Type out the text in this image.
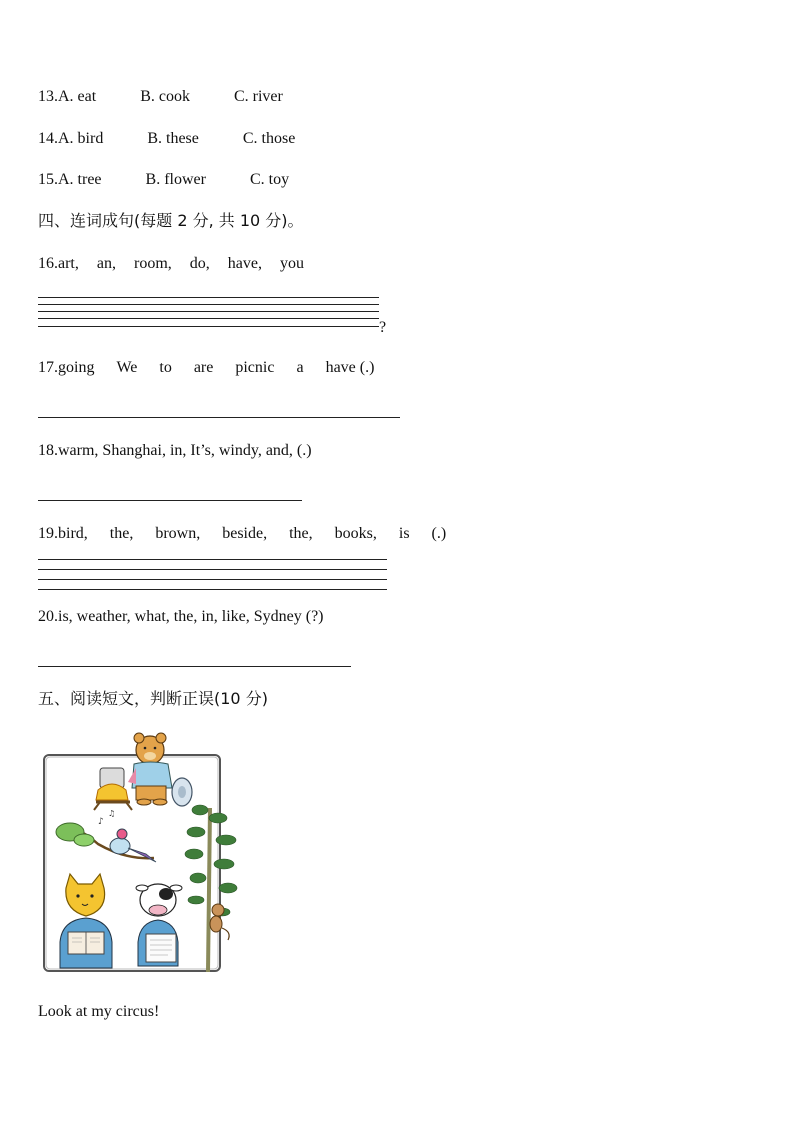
13.A. eat	B. cook	C. river
14.A. bird	B. these	C. those
15.A. tree	B. flower	C. toy
四、连词成句(每题 2 分, 共 10 分)。
16.art, an, room, do, have, you
?
17.going We to are picnic a have (.)
18.warm, Shanghai, in, It’s, windy, and, (.)
19.bird, the, brown, beside, the, books, is (.)
20.is, weather, what, the, in, like, Sydney (?)
五、阅读短文，判断正误(10 分)
♪
♫
Look at my circus!
